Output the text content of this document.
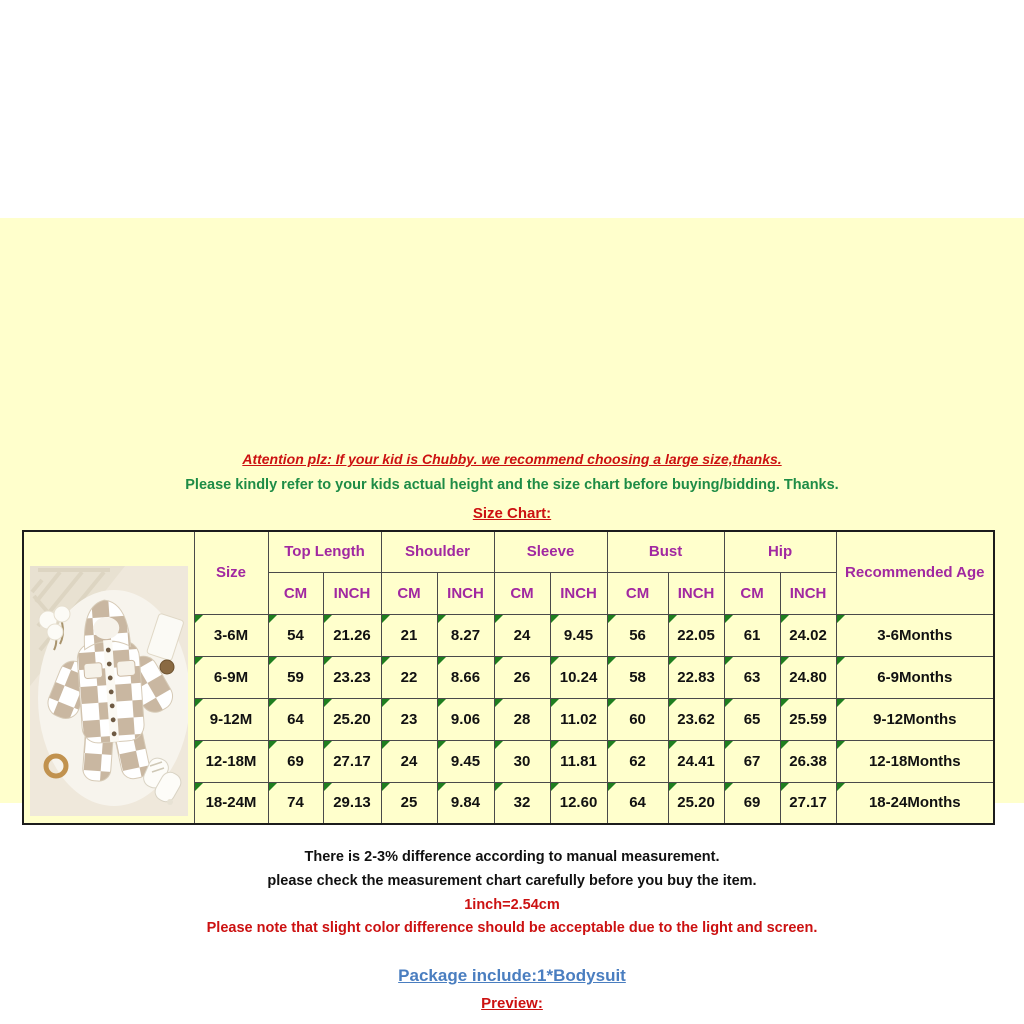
Attention plz: If your kid is Chubby. we recommend choosing a large size,thanks.
Please kindly refer to your kids actual height and the size chart before buying/bidding. Thanks.
Size Chart:
	Size	Top Length		Shoulder		Sleeve		Bust		Hip		Recommended Age
		CM	INCH	CM	INCH	CM	INCH	CM	INCH	CM	INCH	
	3-6M	54	21.26	21	8.27	24	9.45	56	22.05	61	24.02	3-6Months
	6-9M	59	23.23	22	8.66	26	10.24	58	22.83	63	24.80	6-9Months
	9-12M	64	25.20	23	9.06	28	11.02	60	23.62	65	25.59	9-12Months
	12-18M	69	27.17	24	9.45	30	11.81	62	24.41	67	26.38	12-18Months
	18-24M	74	29.13	25	9.84	32	12.60	64	25.20	69	27.17	18-24Months
There is 2-3% difference according to manual measurement.
please check the measurement chart carefully before you buy the item.
1inch=2.54cm
Please note that slight color difference should be acceptable due to the light and screen.
Package include:1*Bodysuit
Preview:
